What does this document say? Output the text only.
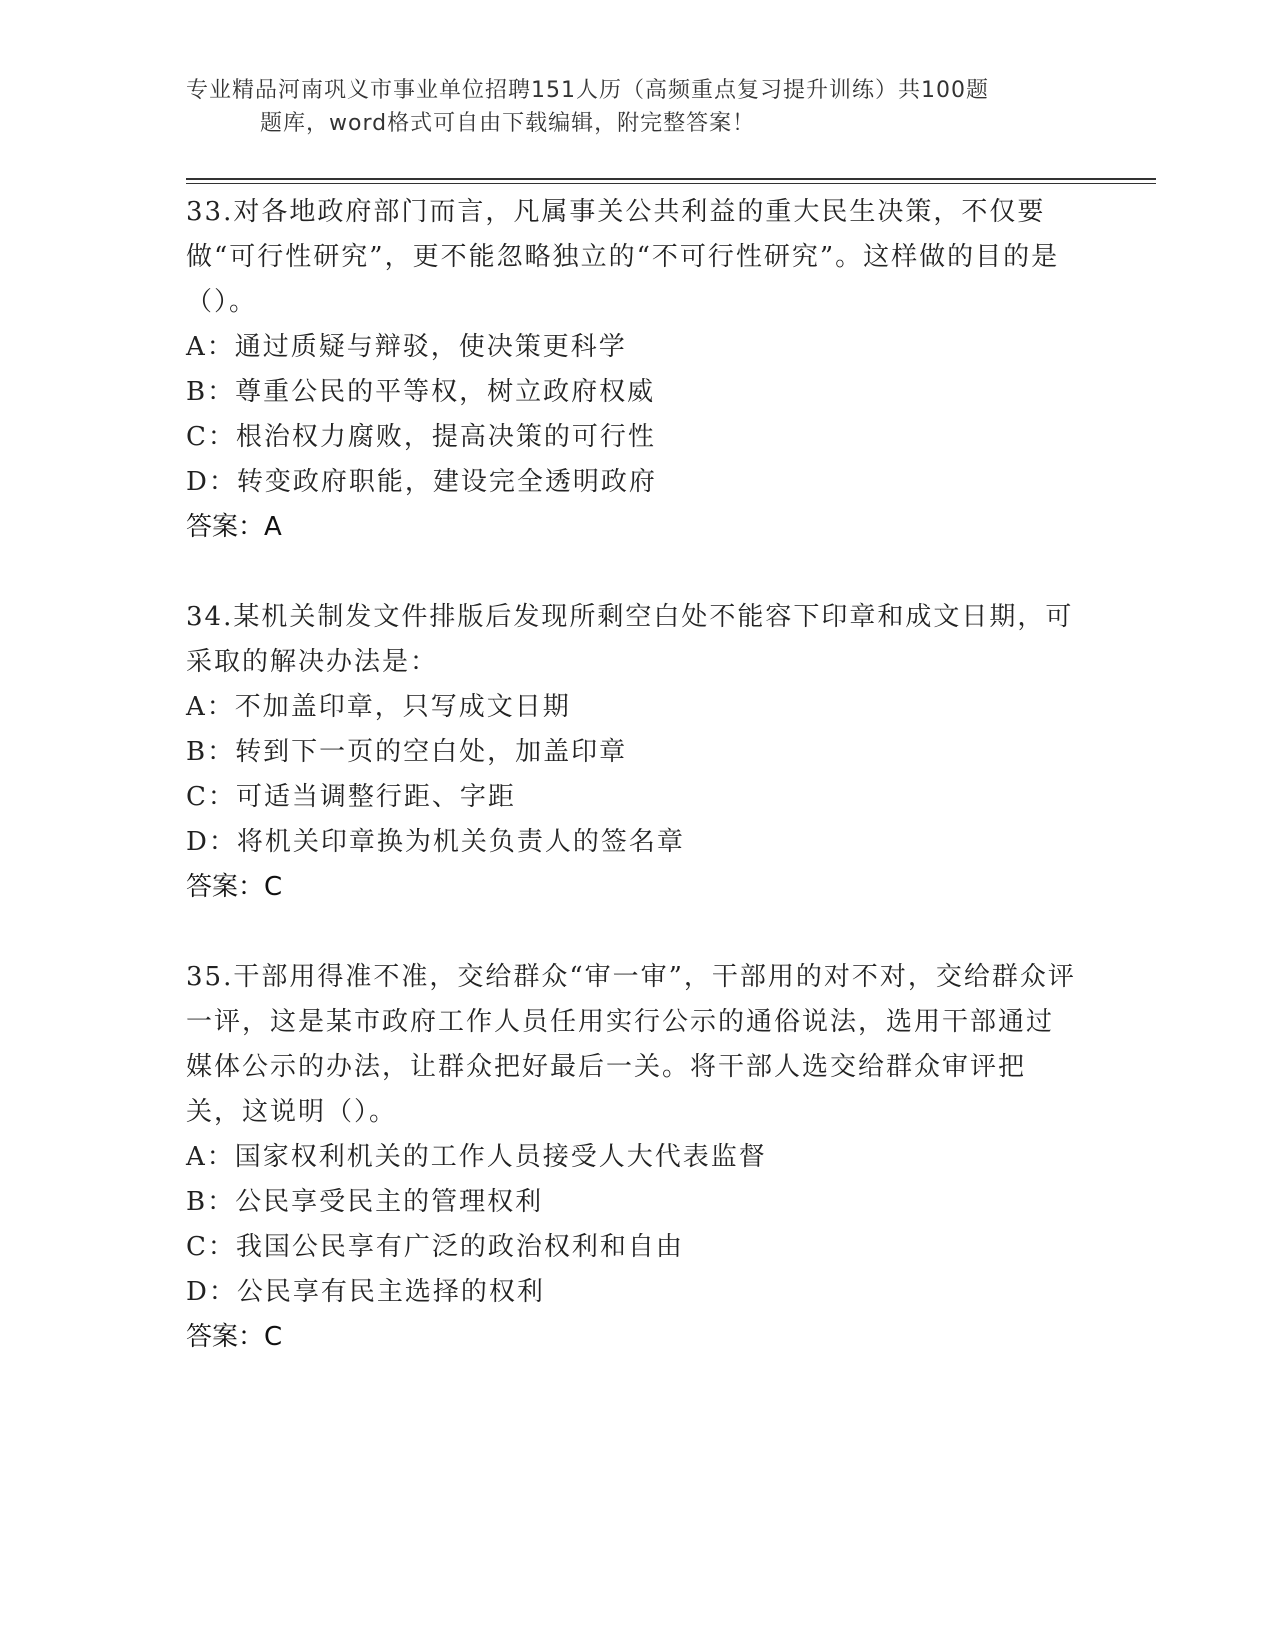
专业精品河南巩义市事业单位招聘151人历（高频重点复习提升训练）共100题
题库，word格式可自由下载编辑，附完整答案！

33.对各地政府部门而言，凡属事关公共利益的重大民生决策，不仅要做“可行性研究”，更不能忽略独立的“不可行性研究”。这样做的目的是（）。

A：通过质疑与辩驳，使决策更科学

B：尊重公民的平等权，树立政府权威

C：根治权力腐败，提高决策的可行性

D：转变政府职能，建设完全透明政府

答案：A

34.某机关制发文件排版后发现所剩空白处不能容下印章和成文日期，可采取的解决办法是：

A：不加盖印章，只写成文日期

B：转到下一页的空白处，加盖印章

C：可适当调整行距、字距

D：将机关印章换为机关负责人的签名章

答案：C

35.干部用得准不准，交给群众“审一审”，干部用的对不对，交给群众评一评，这是某市政府工作人员任用实行公示的通俗说法，选用干部通过媒体公示的办法，让群众把好最后一关。将干部人选交给群众审评把关，这说明（）。

A：国家权利机关的工作人员接受人大代表监督

B：公民享受民主的管理权利

C：我国公民享有广泛的政治权利和自由

D：公民享有民主选择的权利

答案：C
